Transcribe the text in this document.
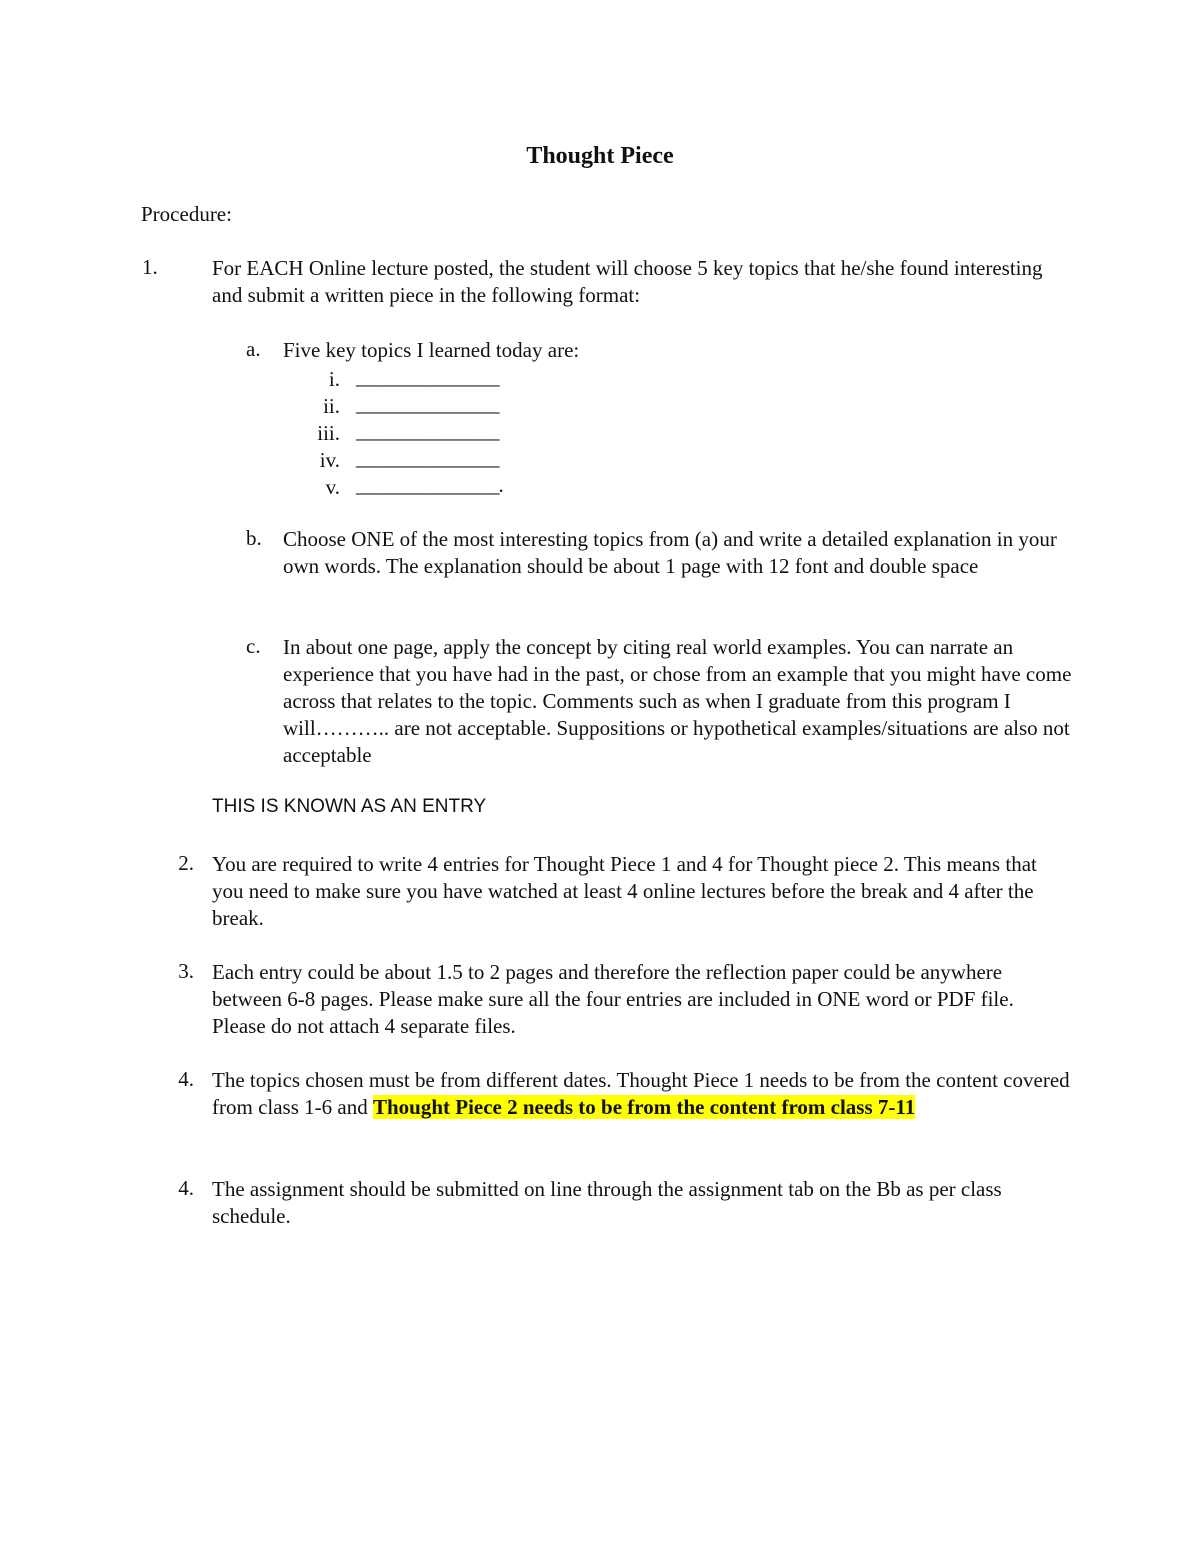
Thought Piece
Procedure:
1.	For EACH Online lecture posted, the student will choose 5 key topics that he/she found interesting and submit a written piece in the following format:
a. Five key topics I learned today are:
i. _______________
ii. _______________
iii. _______________
iv. _______________
v. _______________.
b. Choose ONE of the most interesting topics from (a) and write a detailed explanation in your own words. The explanation should be about 1 page with 12 font and double space
c. In about one page, apply the concept by citing real world examples. You can narrate an experience that you have had in the past, or chose from an example that you might have come across that relates to the topic. Comments such as when I graduate from this program I will……….. are not acceptable. Suppositions or hypothetical examples/situations are also not acceptable
THIS IS KNOWN AS AN ENTRY
2. You are required to write 4 entries for Thought Piece 1 and 4 for Thought piece 2. This means that you need to make sure you have watched at least 4 online lectures before the break and 4 after the break.
3. Each entry could be about 1.5 to 2 pages and therefore the reflection paper could be anywhere between 6-8 pages. Please make sure all the four entries are included in ONE word or PDF file. Please do not attach 4 separate files.
4. The topics chosen must be from different dates. Thought Piece 1 needs to be from the content covered from class 1-6 and Thought Piece 2 needs to be from the content from class 7-11
4. The assignment should be submitted on line through the assignment tab on the Bb as per class schedule.
